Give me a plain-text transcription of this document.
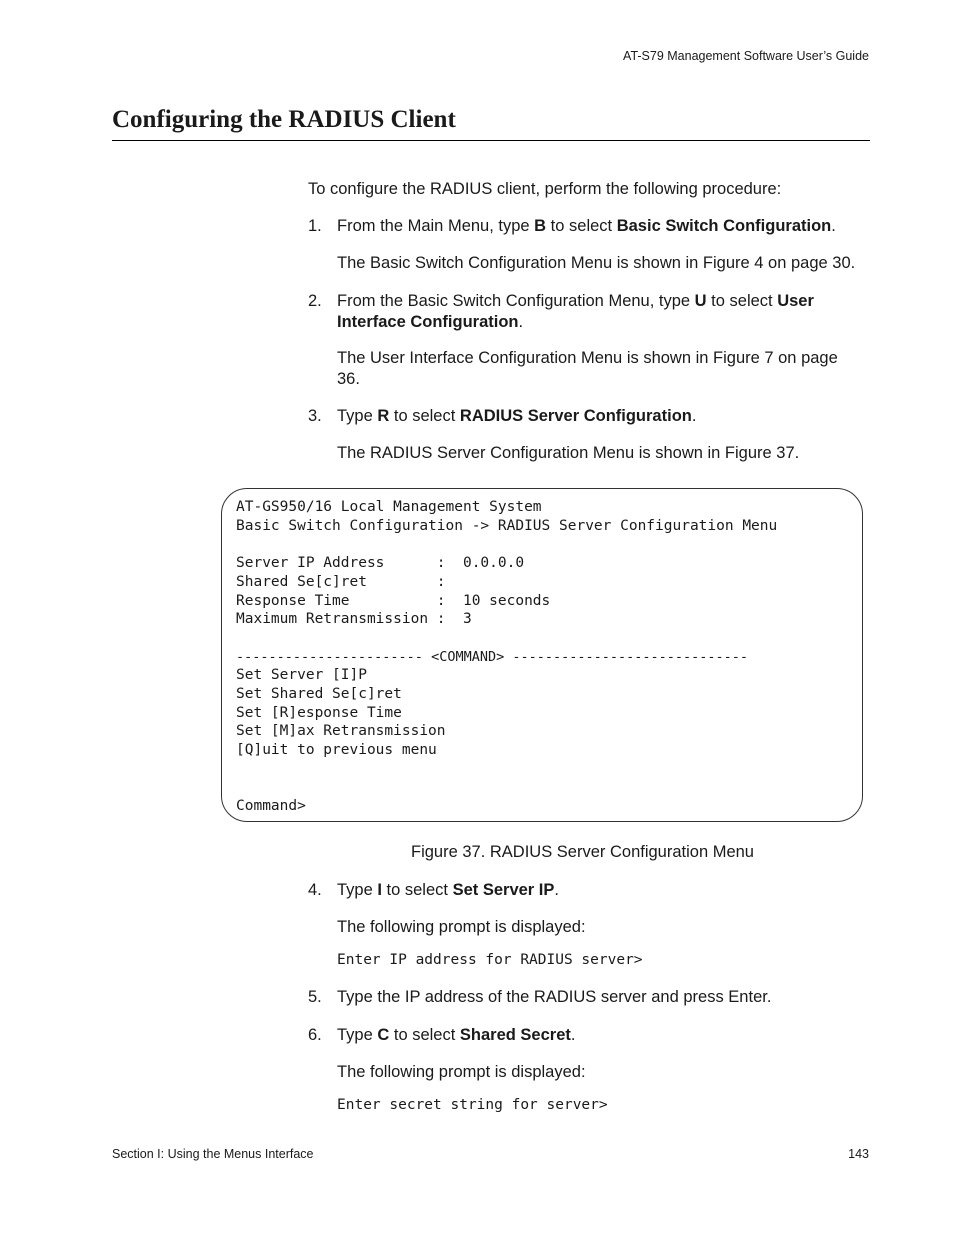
AT-S79 Management Software User’s Guide
Configuring the RADIUS Client
To configure the RADIUS client, perform the following procedure:
1. From the Main Menu, type B to select Basic Switch Configuration.
The Basic Switch Configuration Menu is shown in Figure 4 on page 30.
2. From the Basic Switch Configuration Menu, type U to select User
Interface Configuration.
The User Interface Configuration Menu is shown in Figure 7 on page
36.
3. Type R to select RADIUS Server Configuration.
The RADIUS Server Configuration Menu is shown in Figure 37.
AT-GS950/16 Local Management System
Basic Switch Configuration -> RADIUS Server Configuration Menu
Server IP Address      :  0.0.0.0
Shared Se[c]ret        :
Response Time          :  10 seconds
Maximum Retransmission :  3
----------------------- <COMMAND> -----------------------------
Set Server [I]P
Set Shared Se[c]ret
Set [R]esponse Time
Set [M]ax Retransmission
[Q]uit to previous menu
Command>
Figure 37. RADIUS Server Configuration Menu
4. Type I to select Set Server IP.
The following prompt is displayed:
Enter IP address for RADIUS server>
5. Type the IP address of the RADIUS server and press Enter.
6. Type C to select Shared Secret.
The following prompt is displayed:
Enter secret string for server>
Section I: Using the Menus Interface	143
